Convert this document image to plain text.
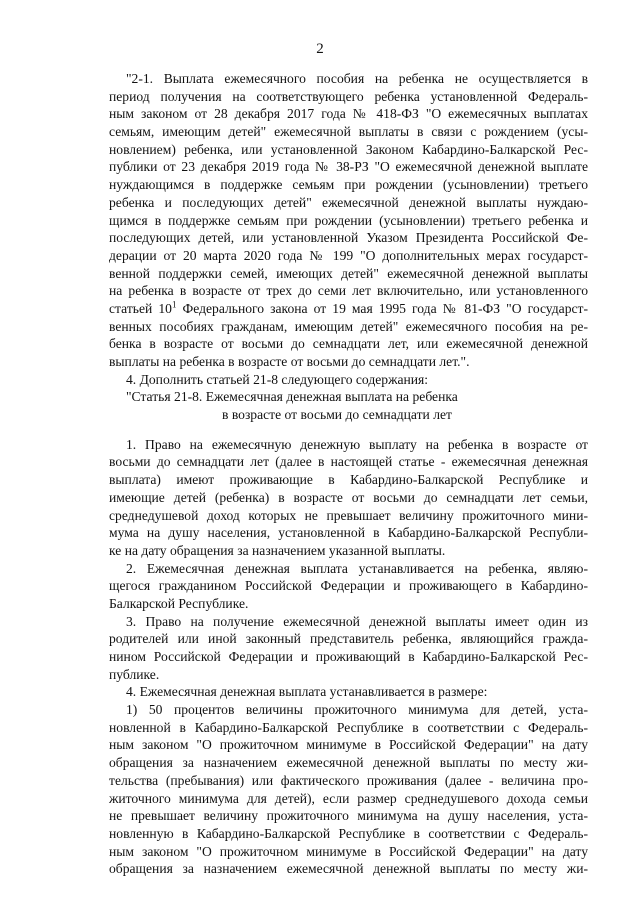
2
"2-1. Выплата ежемесячного пособия на ребенка не осуществляется в
период получения на соответствующего ребенка установленной Федераль-
ным законом от 28 декабря 2017 года № 418-ФЗ "О ежемесячных выплатах
семьям, имеющим детей" ежемесячной выплаты в связи с рождением (усы-
новлением) ребенка, или установленной Законом Кабардино-Балкарской Рес-
публики от 23 декабря 2019 года № 38-РЗ "О ежемесячной денежной выплате
нуждающимся в поддержке семьям при рождении (усыновлении) третьего
ребенка и последующих детей" ежемесячной денежной выплаты нуждаю-
щимся в поддержке семьям при рождении (усыновлении) третьего ребенка и
последующих детей, или установленной Указом Президента Российской Фе-
дерации от 20 марта 2020 года № 199 "О дополнительных мерах государст-
венной поддержки семей, имеющих детей" ежемесячной денежной выплаты
на ребенка в возрасте от трех до семи лет включительно, или установленного
статьей $10^1$ Федерального закона от 19 мая 1995 года № 81-ФЗ "О государст-
венных пособиях гражданам, имеющим детей" ежемесячного пособия на ре-
бенка в возрасте от восьми до семнадцати лет, или ежемесячной денежной
выплаты на ребенка в возрасте от восьми до семнадцати лет.".
4. Дополнить статьей 21-8 следующего содержания:
"Статья 21-8. Ежемесячная денежная выплата на ребенка
в возрасте от восьми до семнадцати лет
1. Право на ежемесячную денежную выплату на ребенка в возрасте от
восьми до семнадцати лет (далее в настоящей статье - ежемесячная денежная
выплата) имеют проживающие в Кабардино-Балкарской Республике и
имеющие детей (ребенка) в возрасте от восьми до семнадцати лет семьи,
среднедушевой доход которых не превышает величину прожиточного мини-
мума на душу населения, установленной в Кабардино-Балкарской Республи-
ке на дату обращения за назначением указанной выплаты.
2. Ежемесячная денежная выплата устанавливается на ребенка, являю-
щегося гражданином Российской Федерации и проживающего в Кабардино-
Балкарской Республике.
3. Право на получение ежемесячной денежной выплаты имеет один из
родителей или иной законный представитель ребенка, являющийся гражда-
нином Российской Федерации и проживающий в Кабардино-Балкарской Рес-
публике.
4. Ежемесячная денежная выплата устанавливается в размере:
1) 50 процентов величины прожиточного минимума для детей, уста-
новленной в Кабардино-Балкарской Республике в соответствии с Федераль-
ным законом "О прожиточном минимуме в Российской Федерации" на дату
обращения за назначением ежемесячной денежной выплаты по месту жи-
тельства (пребывания) или фактического проживания (далее - величина про-
житочного минимума для детей), если размер среднедушевого дохода семьи
не превышает величину прожиточного минимума на душу населения, уста-
новленную в Кабардино-Балкарской Республике в соответствии с Федераль-
ным законом "О прожиточном минимуме в Российской Федерации" на дату
обращения за назначением ежемесячной денежной выплаты по месту жи-
